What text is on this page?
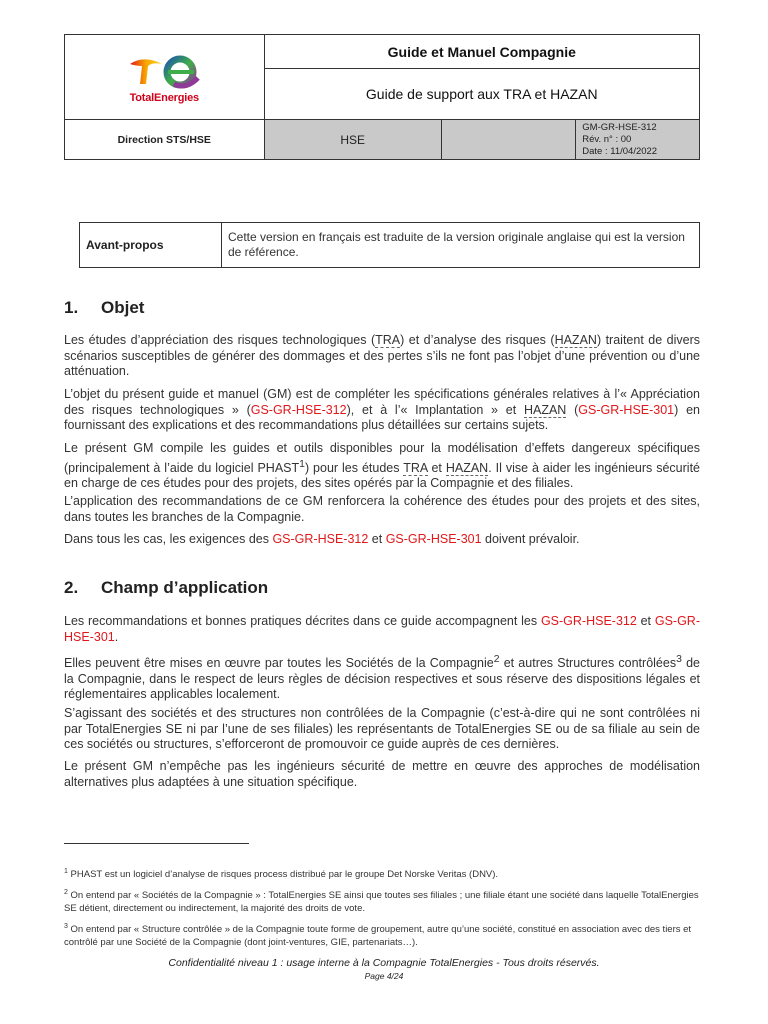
TotalEnergies	Guide et Manuel Compagnie		
	Guide de support aux TRA et HAZAN		
Direction STS/HSE	HSE		GM-GR-HSE-312
Rév. n° : 00
Date : 11/04/2022
Avant-propos	Cette version en français est traduite de la version originale anglaise qui est la version de référence.
1. Objet
Les études d’appréciation des risques technologiques (TRA) et d’analyse des risques (HAZAN) traitent de divers scénarios susceptibles de générer des dommages et des pertes s’ils ne font pas l’objet d’une prévention ou d’une atténuation.
L’objet du présent guide et manuel (GM) est de compléter les spécifications générales relatives à l’« Appréciation des risques technologiques » (GS-GR-HSE-312), et à l’« Implantation » et HAZAN (GS-GR-HSE-301) en fournissant des explications et des recommandations plus détaillées sur certains sujets.
Le présent GM compile les guides et outils disponibles pour la modélisation d’effets dangereux spécifiques (principalement à l’aide du logiciel PHAST$^1$) pour les études TRA et HAZAN. Il vise à aider les ingénieurs sécurité en charge de ces études pour des projets, des sites opérés par la Compagnie et des filiales.
L’application des recommandations de ce GM renforcera la cohérence des études pour des projets et des sites, dans toutes les branches de la Compagnie.
Dans tous les cas, les exigences des GS-GR-HSE-312 et GS-GR-HSE-301 doivent prévaloir.
2. Champ d’application
Les recommandations et bonnes pratiques décrites dans ce guide accompagnent les GS-GR-HSE-312 et GS-GR-HSE-301.
Elles peuvent être mises en œuvre par toutes les Sociétés de la Compagnie$^2$ et autres Structures contrôlées$^3$ de la Compagnie, dans le respect de leurs règles de décision respectives et sous réserve des dispositions légales et réglementaires applicables localement.
S’agissant des sociétés et des structures non contrôlées de la Compagnie (c’est-à-dire qui ne sont contrôlées ni par TotalEnergies SE ni par l’une de ses filiales) les représentants de TotalEnergies SE ou de sa filiale au sein de ces sociétés ou structures, s’efforceront de promouvoir ce guide auprès de ces dernières.
Le présent GM n’empêche pas les ingénieurs sécurité de mettre en œuvre des approches de modélisation alternatives plus adaptées à une situation spécifique.
$^1$ PHAST est un logiciel d’analyse de risques process distribué par le groupe Det Norske Veritas (DNV).
$^2$ On entend par « Sociétés de la Compagnie » : TotalEnergies SE ainsi que toutes ses filiales ; une filiale étant une société dans laquelle TotalEnergies SE détient, directement ou indirectement, la majorité des droits de vote.
$^3$ On entend par « Structure contrôlée » de la Compagnie toute forme de groupement, autre qu’une société, constitué en association avec des tiers et contrôlé par une Société de la Compagnie (dont joint-ventures, GIE, partenariats…).
Confidentialité niveau 1 : usage interne à la Compagnie TotalEnergies - Tous droits réservés.
Page 4/24
